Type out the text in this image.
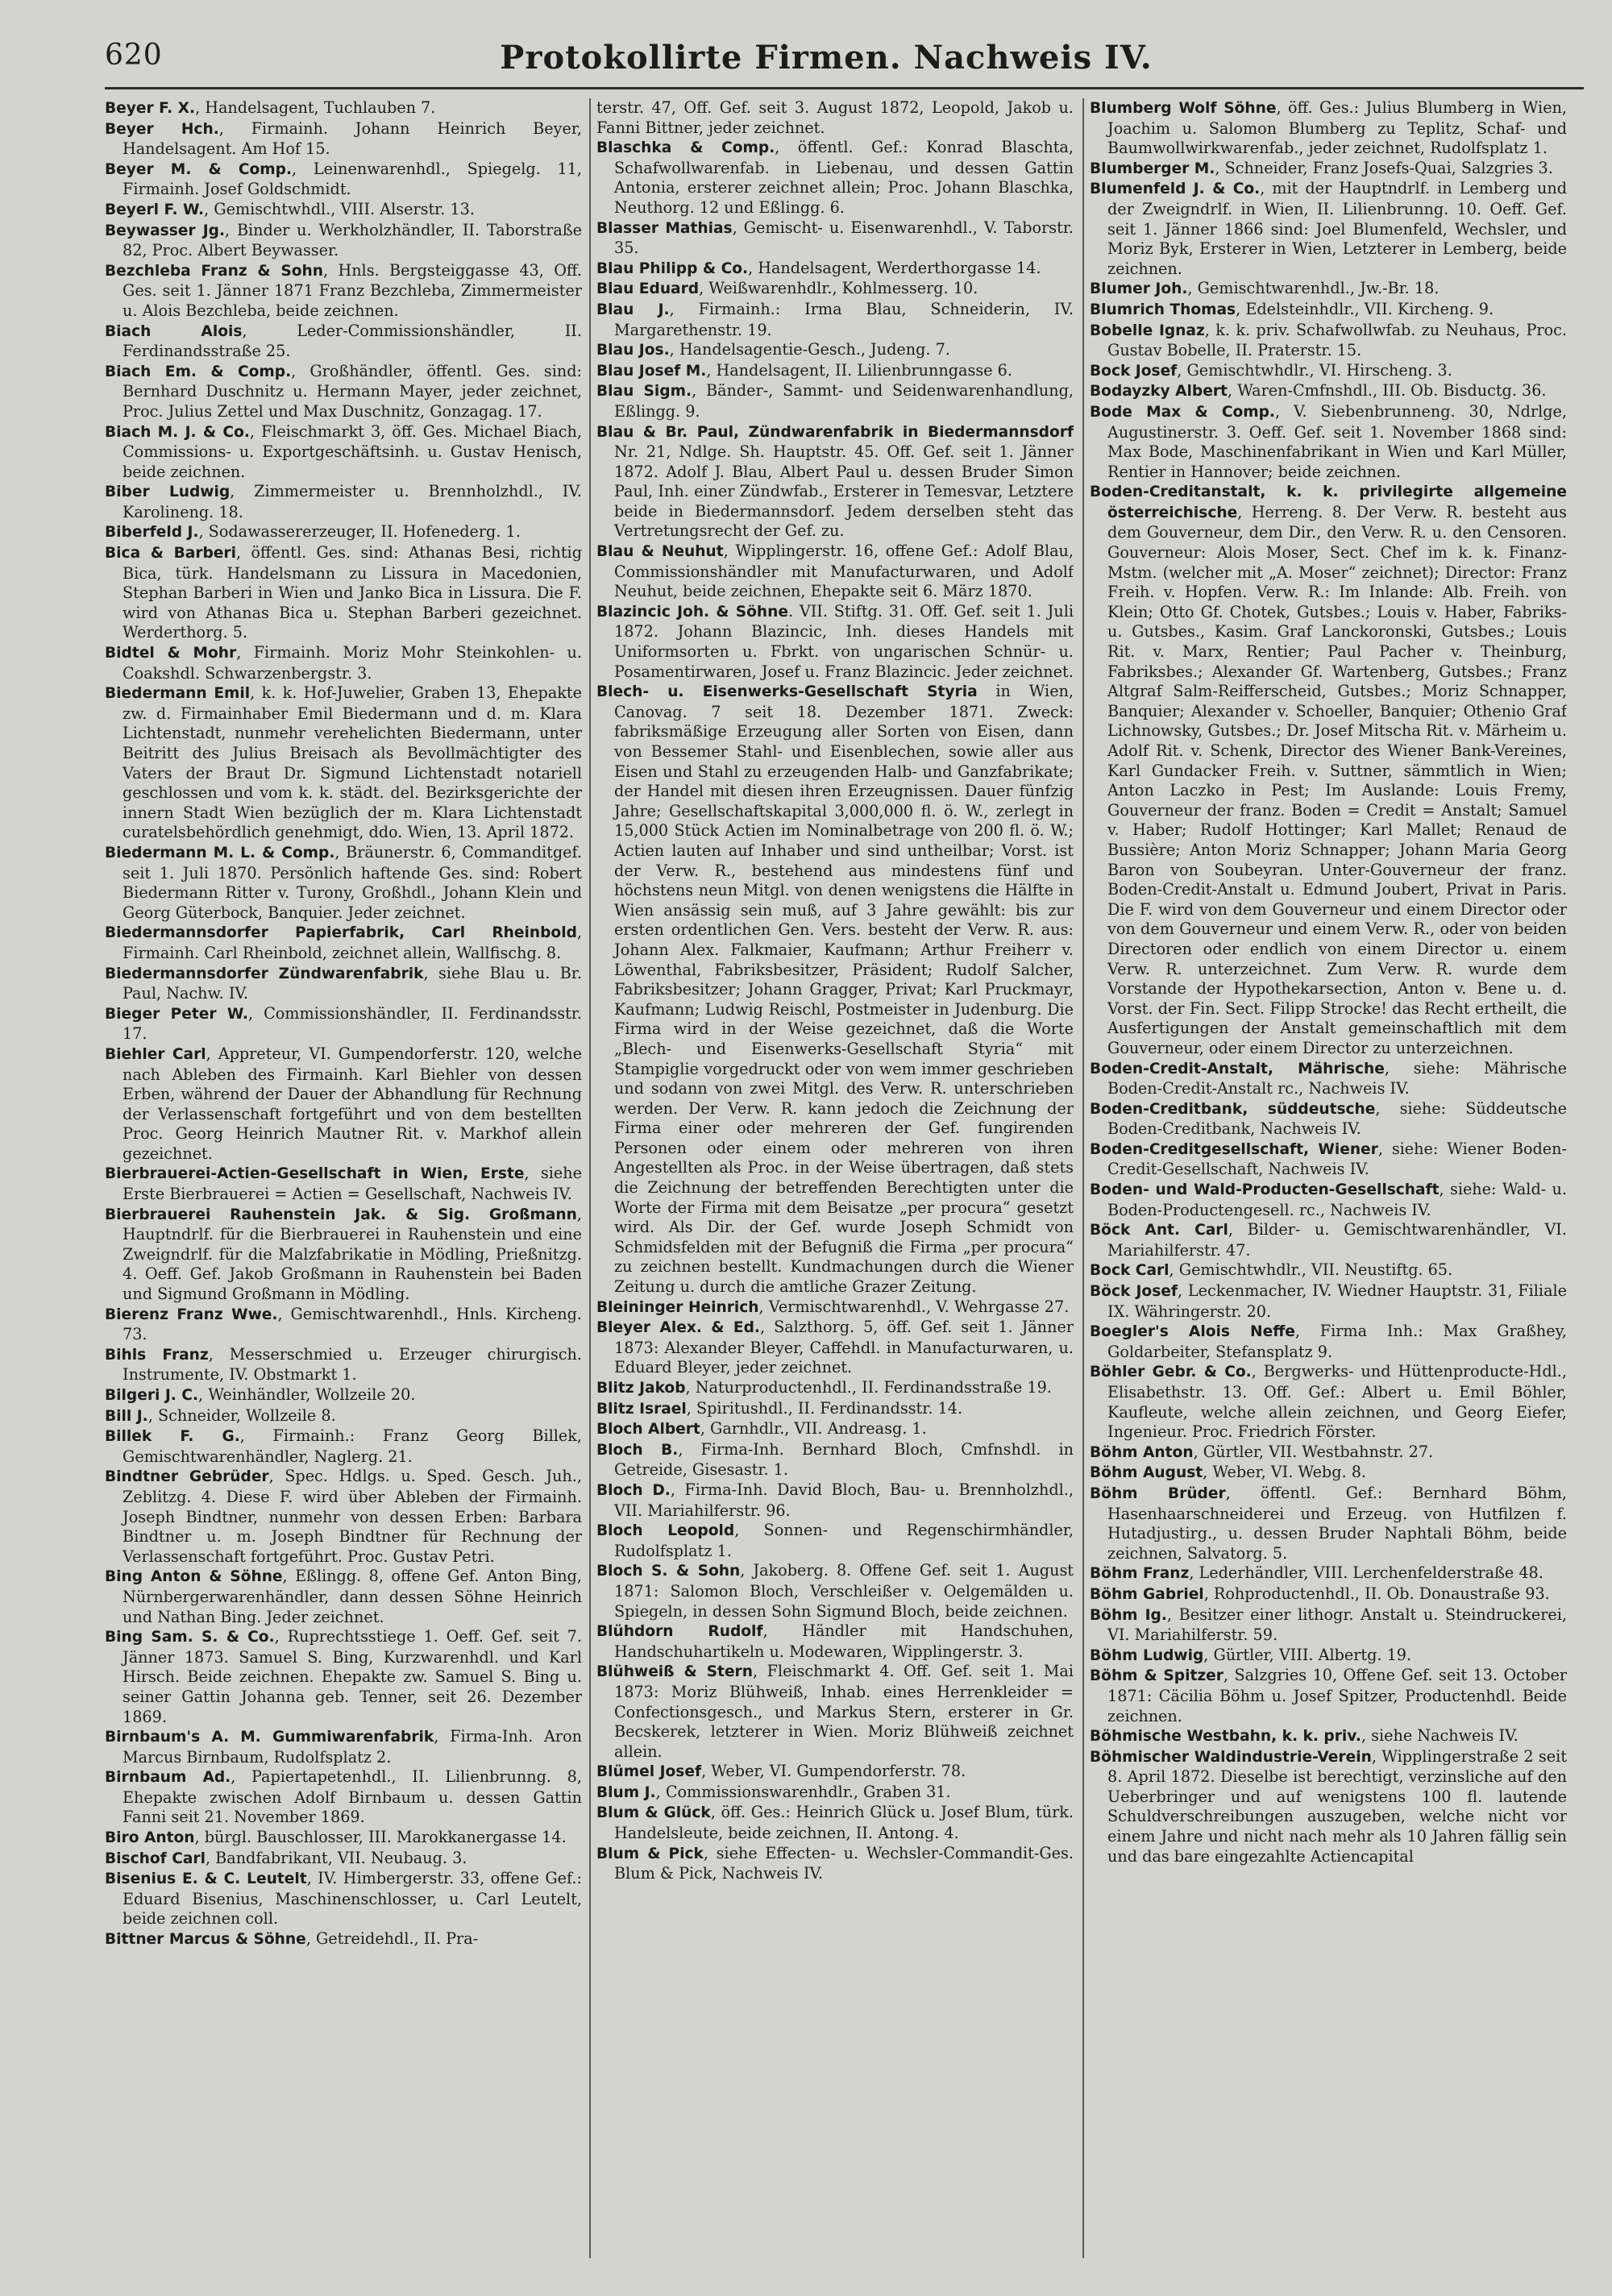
620	Protokollirte Firmen. Nachweis IV.

Beyer F. X., Handelsagent, Tuchlauben 7.

Beyer Hch., Firmainh. Johann Heinrich Beyer, Handelsagent. Am Hof 15.

Beyer M. & Comp., Leinenwarenhdl., Spiegelg. 11, Firmainh. Josef Goldschmidt.

Beyerl F. W., Gemischtwhdl., VIII. Alserstr. 13.

Beywasser Jg., Binder u. Werkholzhändler, II. Taborstraße 82, Proc. Albert Beywasser.

Bezchleba Franz & Sohn, Hnls. Bergsteiggasse 43, Off. Ges. seit 1. Jänner 1871 Franz Bezchleba, Zimmermeister u. Alois Bezchleba, beide zeichnen.

Biach Alois, Leder-Commissionshändler, II. Ferdinandsstraße 25.

Biach Em. & Comp., Großhändler, öffentl. Ges. sind: Bernhard Duschnitz u. Hermann Mayer, jeder zeichnet, Proc. Julius Zettel und Max Duschnitz, Gonzagag. 17.

Biach M. J. & Co., Fleischmarkt 3, öff. Ges. Michael Biach, Commissions- u. Exportgeschäftsinh. u. Gustav Henisch, beide zeichnen.

Biber Ludwig, Zimmermeister u. Brennholzhdl., IV. Karolineng. 18.

Biberfeld J., Sodawassererzeuger, II. Hofenederg. 1.

Bica & Barberi, öffentl. Ges. sind: Athanas Besi, richtig Bica, türk. Handelsmann zu Lissura in Macedonien, Stephan Barberi in Wien und Janko Bica in Lissura. Die F. wird von Athanas Bica u. Stephan Barberi gezeichnet. Werderthorg. 5.

Bidtel & Mohr, Firmainh. Moriz Mohr Steinkohlen- u. Coakshdl. Schwarzenbergstr. 3.

Biedermann Emil, k. k. Hof-Juwelier, Graben 13, Ehepakte zw. d. Firmainhaber Emil Biedermann und d. m. Klara Lichtenstadt, nunmehr verehelichten Biedermann, unter Beitritt des Julius Breisach als Bevollmächtigter des Vaters der Braut Dr. Sigmund Lichtenstadt notariell geschlossen und vom k. k. städt. del. Bezirksgerichte der innern Stadt Wien bezüglich der m. Klara Lichtenstadt curatelsbehördlich genehmigt, ddo. Wien, 13. April 1872.

Biedermann M. L. & Comp., Bräunerstr. 6, Commanditgef. seit 1. Juli 1870. Persönlich haftende Ges. sind: Robert Biedermann Ritter v. Turony, Großhdl., Johann Klein und Georg Güterbock, Banquier. Jeder zeichnet.

Biedermannsdorfer Papierfabrik, Carl Rheinbold, Firmainh. Carl Rheinbold, zeichnet allein, Wallfischg. 8.

Biedermannsdorfer Zündwarenfabrik, siehe Blau u. Br. Paul, Nachw. IV.

Bieger Peter W., Commissionshändler, II. Ferdinandsstr. 17.

Biehler Carl, Appreteur, VI. Gumpendorferstr. 120, welche nach Ableben des Firmainh. Karl Biehler von dessen Erben, während der Dauer der Abhandlung für Rechnung der Verlassenschaft fortgeführt und von dem bestellten Proc. Georg Heinrich Mautner Rit. v. Markhof allein gezeichnet.

Bierbrauerei-Actien-Gesellschaft in Wien, Erste, siehe Erste Bierbrauerei = Actien = Gesellschaft, Nachweis IV.

Bierbrauerei Rauhenstein Jak. & Sig. Großmann, Hauptndrlf. für die Bierbrauerei in Rauhenstein und eine Zweigndrlf. für die Malzfabrikatie in Mödling, Prießnitzg. 4. Oeff. Gef. Jakob Großmann in Rauhenstein bei Baden und Sigmund Großmann in Mödling.

Bierenz Franz Wwe., Gemischtwarenhdl., Hnls. Kircheng. 73.

Bihls Franz, Messerschmied u. Erzeuger chirurgisch. Instrumente, IV. Obstmarkt 1.

Bilgeri J. C., Weinhändler, Wollzeile 20.

Bill J., Schneider, Wollzeile 8.

Billek F. G., Firmainh.: Franz Georg Billek, Gemischtwarenhändler, Naglerg. 21.

Bindtner Gebrüder, Spec. Hdlgs. u. Sped. Gesch. Juh., Zeblitzg. 4. Diese F. wird über Ableben der Firmainh. Joseph Bindtner, nunmehr von dessen Erben: Barbara Bindtner u. m. Joseph Bindtner für Rechnung der Verlassenschaft fortgeführt. Proc. Gustav Petri.

Bing Anton & Söhne, Eßlingg. 8, offene Gef. Anton Bing, Nürnbergerwarenhändler, dann dessen Söhne Heinrich und Nathan Bing. Jeder zeichnet.

Bing Sam. S. & Co., Ruprechtsstiege 1. Oeff. Gef. seit 7. Jänner 1873. Samuel S. Bing, Kurzwarenhdl. und Karl Hirsch. Beide zeichnen. Ehepakte zw. Samuel S. Bing u. seiner Gattin Johanna geb. Tenner, seit 26. Dezember 1869.

Birnbaum's A. M. Gummiwarenfabrik, Firma-Inh. Aron Marcus Birnbaum, Rudolfsplatz 2.

Birnbaum Ad., Papiertapetenhdl., II. Lilienbrunng. 8, Ehepakte zwischen Adolf Birnbaum u. dessen Gattin Fanni seit 21. November 1869.

Biro Anton, bürgl. Bauschlosser, III. Marokkanergasse 14.

Bischof Carl, Bandfabrikant, VII. Neubaug. 3.

Bisenius E. & C. Leutelt, IV. Himbergerstr. 33, offene Gef.: Eduard Bisenius, Maschinenschlosser, u. Carl Leutelt, beide zeichnen coll.

Bittner Marcus & Söhne, Getreidehdl., II. Pra-

terstr. 47, Off. Gef. seit 3. August 1872, Leopold, Jakob u. Fanni Bittner, jeder zeichnet.

Blaschka & Comp., öffentl. Gef.: Konrad Blaschta, Schafwollwarenfab. in Liebenau, und dessen Gattin Antonia, ersterer zeichnet allein; Proc. Johann Blaschka, Neuthorg. 12 und Eßlingg. 6.

Blasser Mathias, Gemischt- u. Eisenwarenhdl., V. Taborstr. 35.

Blau Philipp & Co., Handelsagent, Werderthorgasse 14.

Blau Eduard, Weißwarenhdlr., Kohlmesserg. 10.

Blau J., Firmainh.: Irma Blau, Schneiderin, IV. Margarethenstr. 19.

Blau Jos., Handelsagentie-Gesch., Judeng. 7.

Blau Josef M., Handelsagent, II. Lilienbrunngasse 6.

Blau Sigm., Bänder-, Sammt- und Seidenwarenhandlung, Eßlingg. 9.

Blau & Br. Paul, Zündwarenfabrik in Biedermannsdorf Nr. 21, Ndlge. Sh. Hauptstr. 45. Off. Gef. seit 1. Jänner 1872. Adolf J. Blau, Albert Paul u. dessen Bruder Simon Paul, Inh. einer Zündwfab., Ersterer in Temesvar, Letztere beide in Biedermannsdorf. Jedem derselben steht das Vertretungsrecht der Gef. zu.

Blau & Neuhut, Wipplingerstr. 16, offene Gef.: Adolf Blau, Commissionshändler mit Manufacturwaren, und Adolf Neuhut, beide zeichnen, Ehepakte seit 6. März 1870.

Blazincic Joh. & Söhne. VII. Stiftg. 31. Off. Gef. seit 1. Juli 1872. Johann Blazincic, Inh. dieses Handels mit Uniformsorten u. Fbrkt. von ungarischen Schnür- u. Posamentirwaren, Josef u. Franz Blazincic. Jeder zeichnet.

Blech- u. Eisenwerks-Gesellschaft Styria in Wien, Canovag. 7 seit 18. Dezember 1871. Zweck: fabriksmäßige Erzeugung aller Sorten von Eisen, dann von Bessemer Stahl- und Eisenblechen, sowie aller aus Eisen und Stahl zu erzeugenden Halb- und Ganzfabrikate; der Handel mit diesen ihren Erzeugnissen. Dauer fünfzig Jahre; Gesellschaftskapital 3,000,000 fl. ö. W., zerlegt in 15,000 Stück Actien im Nominalbetrage von 200 fl. ö. W.; Actien lauten auf Inhaber und sind untheilbar; Vorst. ist der Verw. R., bestehend aus mindestens fünf und höchstens neun Mitgl. von denen wenigstens die Hälfte in Wien ansässig sein muß, auf 3 Jahre gewählt: bis zur ersten ordentlichen Gen. Vers. besteht der Verw. R. aus: Johann Alex. Falkmaier, Kaufmann; Arthur Freiherr v. Löwenthal, Fabriksbesitzer, Präsident; Rudolf Salcher, Fabriksbesitzer; Johann Gragger, Privat; Karl Pruckmayr, Kaufmann; Ludwig Reischl, Postmeister in Judenburg. Die Firma wird in der Weise gezeichnet, daß die Worte „Blech- und Eisenwerks-Gesellschaft Styria“ mit Stampiglie vorgedruckt oder von wem immer geschrieben und sodann von zwei Mitgl. des Verw. R. unterschrieben werden. Der Verw. R. kann jedoch die Zeichnung der Firma einer oder mehreren der Gef. fungirenden Personen oder einem oder mehreren von ihren Angestellten als Proc. in der Weise übertragen, daß stets die Zeichnung der betreffenden Berechtigten unter die Worte der Firma mit dem Beisatze „per procura“ gesetzt wird. Als Dir. der Gef. wurde Joseph Schmidt von Schmidsfelden mit der Befugniß die Firma „per procura“ zu zeichnen bestellt. Kundmachungen durch die Wiener Zeitung u. durch die amtliche Grazer Zeitung.

Bleininger Heinrich, Vermischtwarenhdl., V. Wehrgasse 27.

Bleyer Alex. & Ed., Salzthorg. 5, öff. Gef. seit 1. Jänner 1873: Alexander Bleyer, Caffehdl. in Manufacturwaren, u. Eduard Bleyer, jeder zeichnet.

Blitz Jakob, Naturproductenhdl., II. Ferdinandsstraße 19.

Blitz Israel, Spiritushdl., II. Ferdinandsstr. 14.

Bloch Albert, Garnhdlr., VII. Andreasg. 1.

Bloch B., Firma-Inh. Bernhard Bloch, Cmfnshdl. in Getreide, Gisesastr. 1.

Bloch D., Firma-Inh. David Bloch, Bau- u. Brennholzhdl., VII. Mariahilferstr. 96.

Bloch Leopold, Sonnen- und Regenschirmhändler, Rudolfsplatz 1.

Bloch S. & Sohn, Jakoberg. 8. Offene Gef. seit 1. August 1871: Salomon Bloch, Verschleißer v. Oelgemälden u. Spiegeln, in dessen Sohn Sigmund Bloch, beide zeichnen.

Blühdorn Rudolf, Händler mit Handschuhen, Handschuhartikeln u. Modewaren, Wipplingerstr. 3.

Blühweiß & Stern, Fleischmarkt 4. Off. Gef. seit 1. Mai 1873: Moriz Blühweiß, Inhab. eines Herrenkleider = Confectionsgesch., und Markus Stern, ersterer in Gr. Becskerek, letzterer in Wien. Moriz Blühweiß zeichnet allein.

Blümel Josef, Weber, VI. Gumpendorferstr. 78.

Blum J., Commissionswarenhdlr., Graben 31.

Blum & Glück, öff. Ges.: Heinrich Glück u. Josef Blum, türk. Handelsleute, beide zeichnen, II. Antong. 4.

Blum & Pick, siehe Effecten- u. Wechsler-Commandit-Ges. Blum & Pick, Nachweis IV.

Blumberg Wolf Söhne, öff. Ges.: Julius Blumberg in Wien, Joachim u. Salomon Blumberg zu Teplitz, Schaf- und Baumwollwirkwarenfab., jeder zeichnet, Rudolfsplatz 1.

Blumberger M., Schneider, Franz Josefs-Quai, Salzgries 3.

Blumenfeld J. & Co., mit der Hauptndrlf. in Lemberg und der Zweigndrlf. in Wien, II. Lilienbrunng. 10. Oeff. Gef. seit 1. Jänner 1866 sind: Joel Blumenfeld, Wechsler, und Moriz Byk, Ersterer in Wien, Letzterer in Lemberg, beide zeichnen.

Blumer Joh., Gemischtwarenhdl., Jw.-Br. 18.

Blumrich Thomas, Edelsteinhdlr., VII. Kircheng. 9.

Bobelle Ignaz, k. k. priv. Schafwollwfab. zu Neuhaus, Proc. Gustav Bobelle, II. Praterstr. 15.

Bock Josef, Gemischtwhdlr., VI. Hirscheng. 3.

Bodayzky Albert, Waren-Cmfnshdl., III. Ob. Bisductg. 36.

Bode Max & Comp., V. Siebenbrunneng. 30, Ndrlge, Augustinerstr. 3. Oeff. Gef. seit 1. November 1868 sind: Max Bode, Maschinenfabrikant in Wien und Karl Müller, Rentier in Hannover; beide zeichnen.

Boden-Creditanstalt, k. k. privilegirte allgemeine österreichische, Herreng. 8. Der Verw. R. besteht aus dem Gouverneur, dem Dir., den Verw. R. u. den Censoren. Gouverneur: Alois Moser, Sect. Chef im k. k. Finanz-Mstm. (welcher mit „A. Moser“ zeichnet); Director: Franz Freih. v. Hopfen. Verw. R.: Im Inlande: Alb. Freih. von Klein; Otto Gf. Chotek, Gutsbes.; Louis v. Haber, Fabriks- u. Gutsbes., Kasim. Graf Lanckoronski, Gutsbes.; Louis Rit. v. Marx, Rentier; Paul Pacher v. Theinburg, Fabriksbes.; Alexander Gf. Wartenberg, Gutsbes.; Franz Altgraf Salm-Reifferscheid, Gutsbes.; Moriz Schnapper, Banquier; Alexander v. Schoeller, Banquier; Othenio Graf Lichnowsky, Gutsbes.; Dr. Josef Mitscha Rit. v. Märheim u. Adolf Rit. v. Schenk, Director des Wiener Bank-Vereines, Karl Gundacker Freih. v. Suttner, sämmtlich in Wien; Anton Laczko in Pest; Im Auslande: Louis Fremy, Gouverneur der franz. Boden = Credit = Anstalt; Samuel v. Haber; Rudolf Hottinger; Karl Mallet; Renaud de Bussière; Anton Moriz Schnapper; Johann Maria Georg Baron von Soubeyran. Unter-Gouverneur der franz. Boden-Credit-Anstalt u. Edmund Joubert, Privat in Paris. Die F. wird von dem Gouverneur und einem Director oder von dem Gouverneur und einem Verw. R., oder von beiden Directoren oder endlich von einem Director u. einem Verw. R. unterzeichnet. Zum Verw. R. wurde dem Vorstande der Hypothekarsection, Anton v. Bene u. d. Vorst. der Fin. Sect. Filipp Strocke! das Recht ertheilt, die Ausfertigungen der Anstalt gemeinschaftlich mit dem Gouverneur, oder einem Director zu unterzeichnen.

Boden-Credit-Anstalt, Mährische, siehe: Mährische Boden-Credit-Anstalt rc., Nachweis IV.

Boden-Creditbank, süddeutsche, siehe: Süddeutsche Boden-Creditbank, Nachweis IV.

Boden-Creditgesellschaft, Wiener, siehe: Wiener Boden-Credit-Gesellschaft, Nachweis IV.

Boden- und Wald-Producten-Gesellschaft, siehe: Wald- u. Boden-Productengesell. rc., Nachweis IV.

Böck Ant. Carl, Bilder- u. Gemischtwarenhändler, VI. Mariahilferstr. 47.

Bock Carl, Gemischtwhdlr., VII. Neustiftg. 65.

Böck Josef, Leckenmacher, IV. Wiedner Hauptstr. 31, Filiale IX. Währingerstr. 20.

Boegler's Alois Neffe, Firma Inh.: Max Graßhey, Goldarbeiter, Stefansplatz 9.

Böhler Gebr. & Co., Bergwerks- und Hüttenproducte-Hdl., Elisabethstr. 13. Off. Gef.: Albert u. Emil Böhler, Kaufleute, welche allein zeichnen, und Georg Eiefer, Ingenieur. Proc. Friedrich Förster.

Böhm Anton, Gürtler, VII. Westbahnstr. 27.

Böhm August, Weber, VI. Webg. 8.

Böhm Brüder, öffentl. Gef.: Bernhard Böhm, Hasenhaarschneiderei und Erzeug. von Hutfilzen f. Hutadjustirg., u. dessen Bruder Naphtali Böhm, beide zeichnen, Salvatorg. 5.

Böhm Franz, Lederhändler, VIII. Lerchenfelderstraße 48.

Böhm Gabriel, Rohproductenhdl., II. Ob. Donaustraße 93.

Böhm Ig., Besitzer einer lithogr. Anstalt u. Steindruckerei, VI. Mariahilferstr. 59.

Böhm Ludwig, Gürtler, VIII. Albertg. 19.

Böhm & Spitzer, Salzgries 10, Offene Gef. seit 13. October 1871: Cäcilia Böhm u. Josef Spitzer, Productenhdl. Beide zeichnen.

Böhmische Westbahn, k. k. priv., siehe Nachweis IV.

Böhmischer Waldindustrie-Verein, Wipplingerstraße 2 seit 8. April 1872. Dieselbe ist berechtigt, verzinsliche auf den Ueberbringer und auf wenigstens 100 fl. lautende Schuldverschreibungen auszugeben, welche nicht vor einem Jahre und nicht nach mehr als 10 Jahren fällig sein und das bare eingezahlte Actiencapital
